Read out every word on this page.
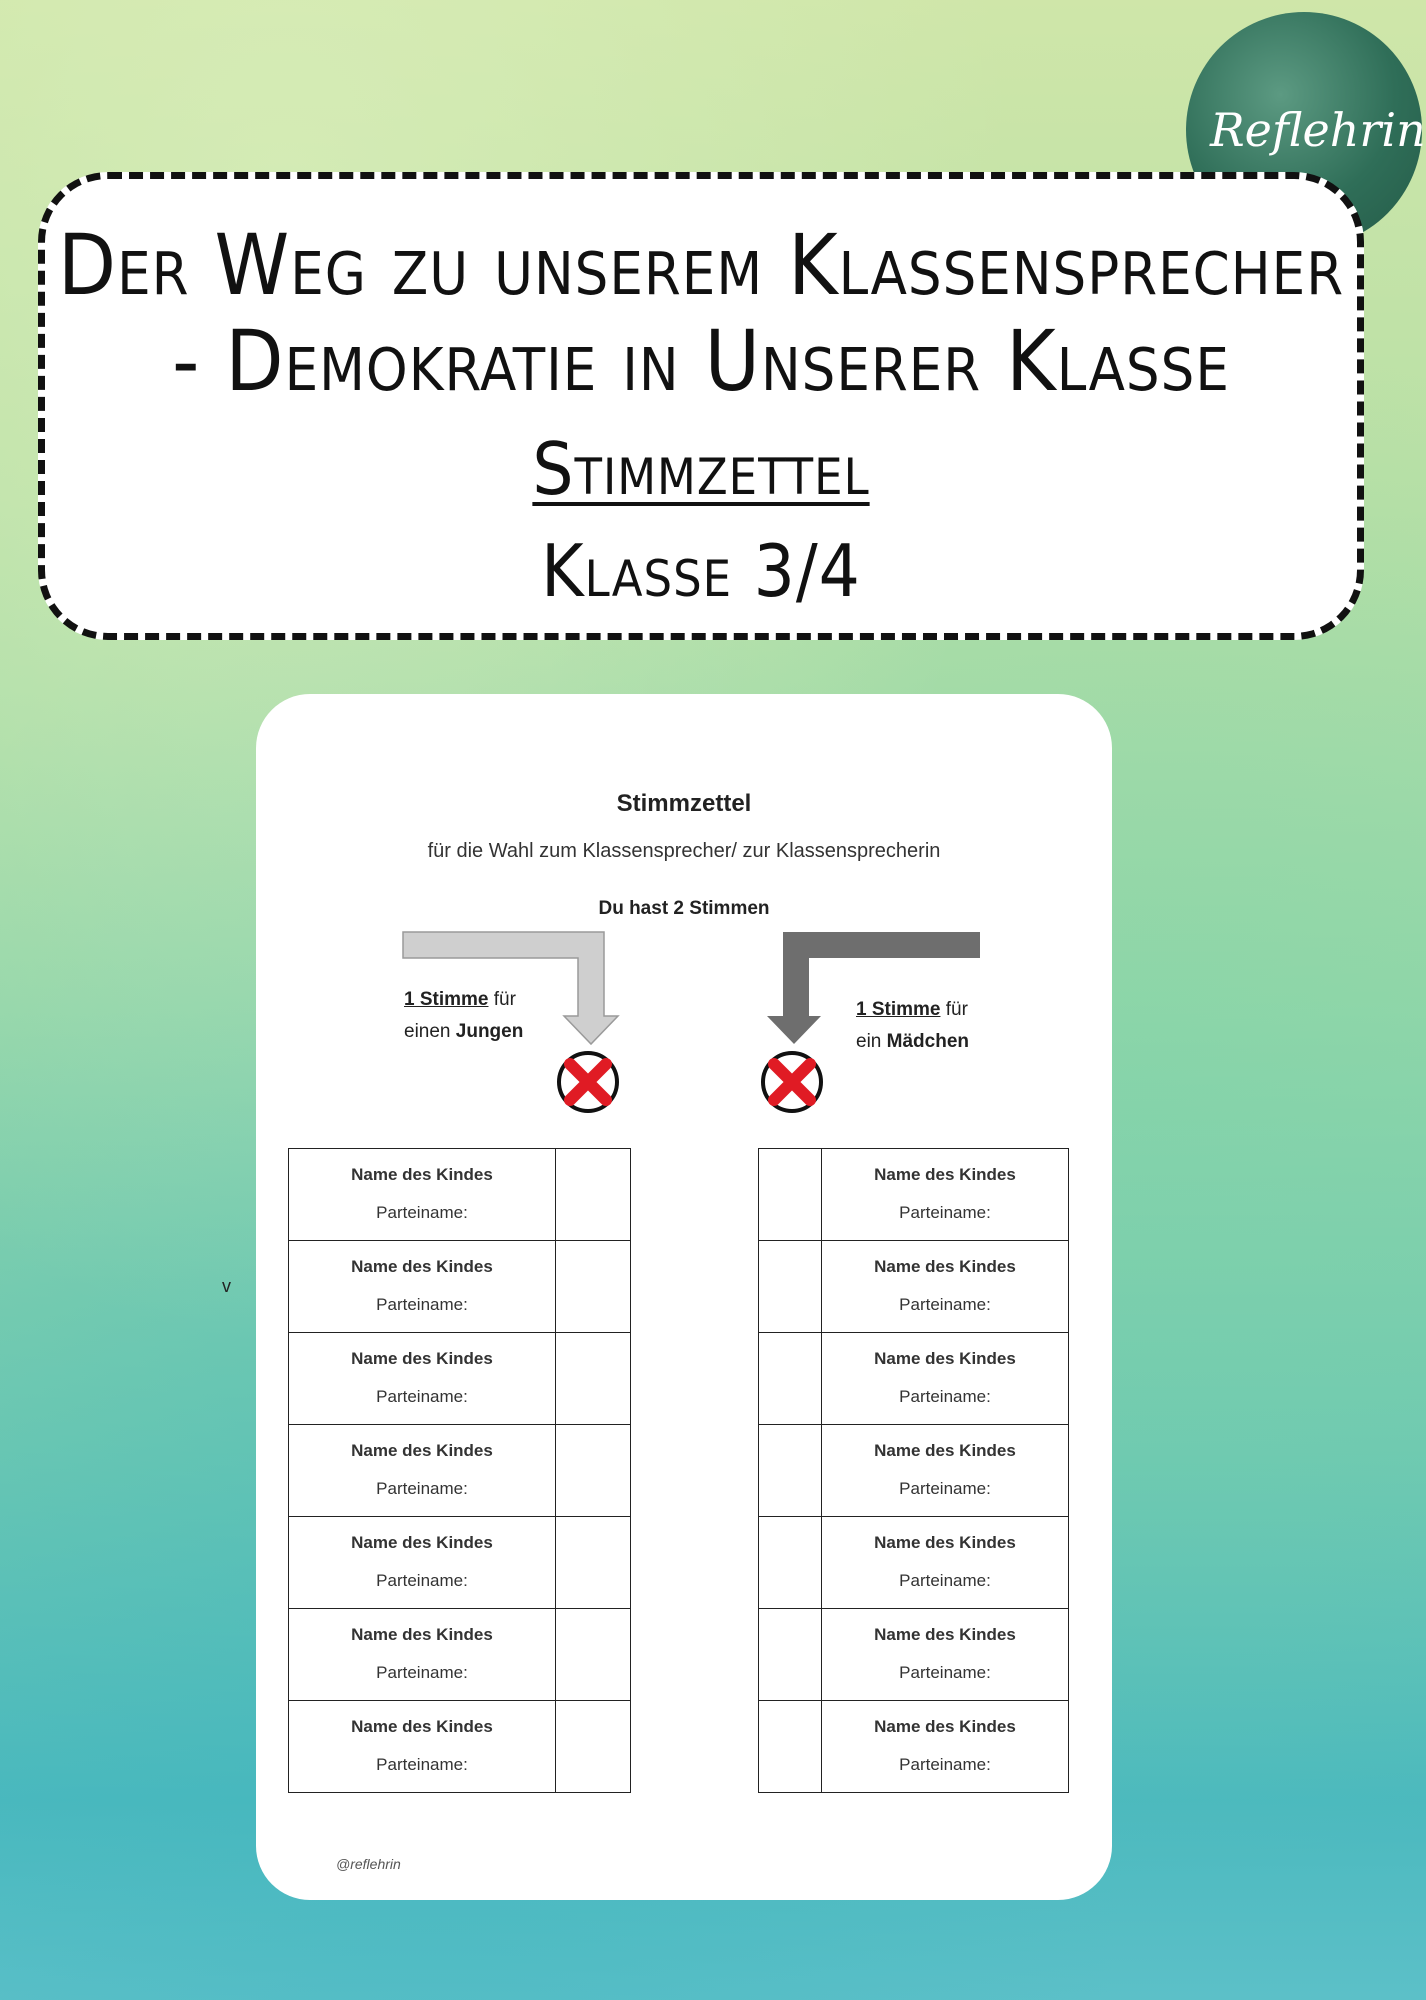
Reflehrin
Der Weg zu unserem Klassensprecher
- Demokratie in Unserer Klasse
Stimmzettel
Klasse 3/4
v
Stimmzettel
für die Wahl zum Klassensprecher/ zur Klassensprecherin
Du hast 2 Stimmen
1 Stimme für
einen Jungen
1 Stimme für
ein Mädchen
Name des Kindes
Parteiname:	

Name des Kindes
Parteiname:	

Name des Kindes
Parteiname:	

Name des Kindes
Parteiname:	

Name des Kindes
Parteiname:	

Name des Kindes
Parteiname:	

Name des Kindes
Parteiname:	

	Name des Kindes
Parteiname:

	Name des Kindes
Parteiname:

	Name des Kindes
Parteiname:

	Name des Kindes
Parteiname:

	Name des Kindes
Parteiname:

	Name des Kindes
Parteiname:

	Name des Kindes
Parteiname:
@reflehrin
